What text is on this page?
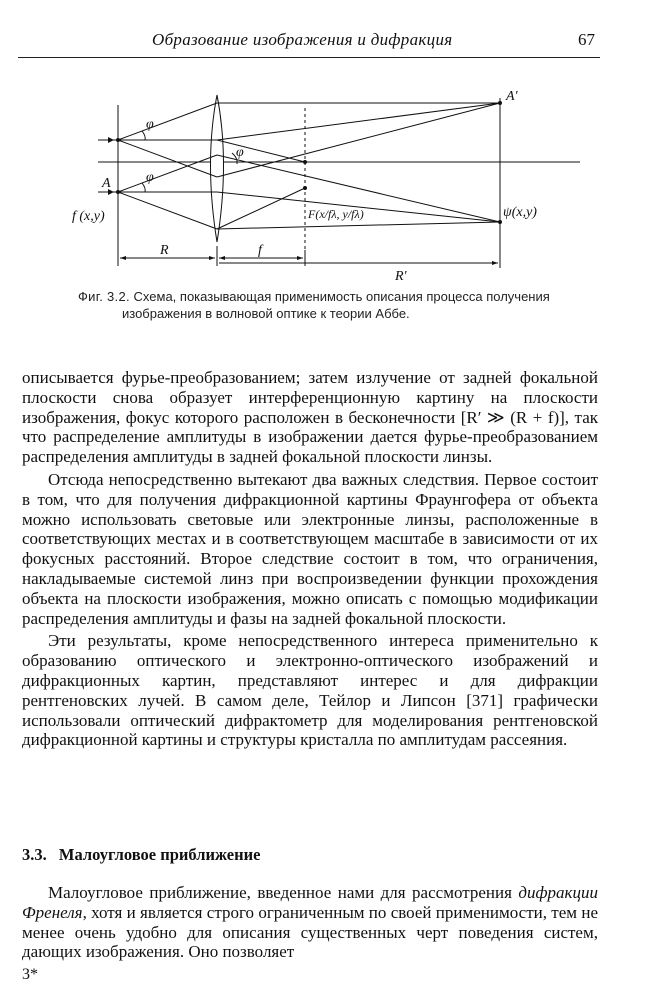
Образование изображения и дифракция	67
φ
φ
φ
A
A′
f (x,y)	F(x/fλ, y/fλ)	ψ(x,y)
R	f
R′
Фиг. 3.2. Схема, показывающая применимость описания процесса получения
изображения в волновой оптике к теории Аббе.

описывается фурье-преобразованием; затем излучение от задней фокальной плоскости снова образует интерференционную картину на плоскости изображения, фокус которого расположен в бесконечности [R′ ≫ (R + f)], так что распределение амплитуды в изображении дается фурье-преобразованием распределения амплитуды в задней фокальной плоскости линзы.

Отсюда непосредственно вытекают два важных следствия. Первое состоит в том, что для получения дифракционной картины Фраунгофера от объекта можно использовать световые или электронные линзы, расположенные в соответствующих местах и в соответствующем масштабе в зависимости от их фокусных расстояний. Второе следствие состоит в том, что ограничения, накладываемые системой линз при воспроизведении функции прохождения объекта на плоскости изображения, можно описать с помощью модификации распределения амплитуды и фазы на задней фокальной плоскости.

Эти результаты, кроме непосредственного интереса применительно к образованию оптического и электронно-оптического изображений и дифракционных картин, представляют интерес и для дифракции рентгеновских лучей. В самом деле, Тейлор и Липсон [371] графически использовали оптический дифрактометр для моделирования рентгеновской дифракционной картины и структуры кристалла по амплитудам рассеяния.

3.3. Малоугловое приближение

Малоугловое приближение, введенное нами для рассмотрения дифракции Френеля, хотя и является строго ограниченным по своей применимости, тем не менее очень удобно для описания существенных черт поведения систем, дающих изображения. Оно позволяет

3*
